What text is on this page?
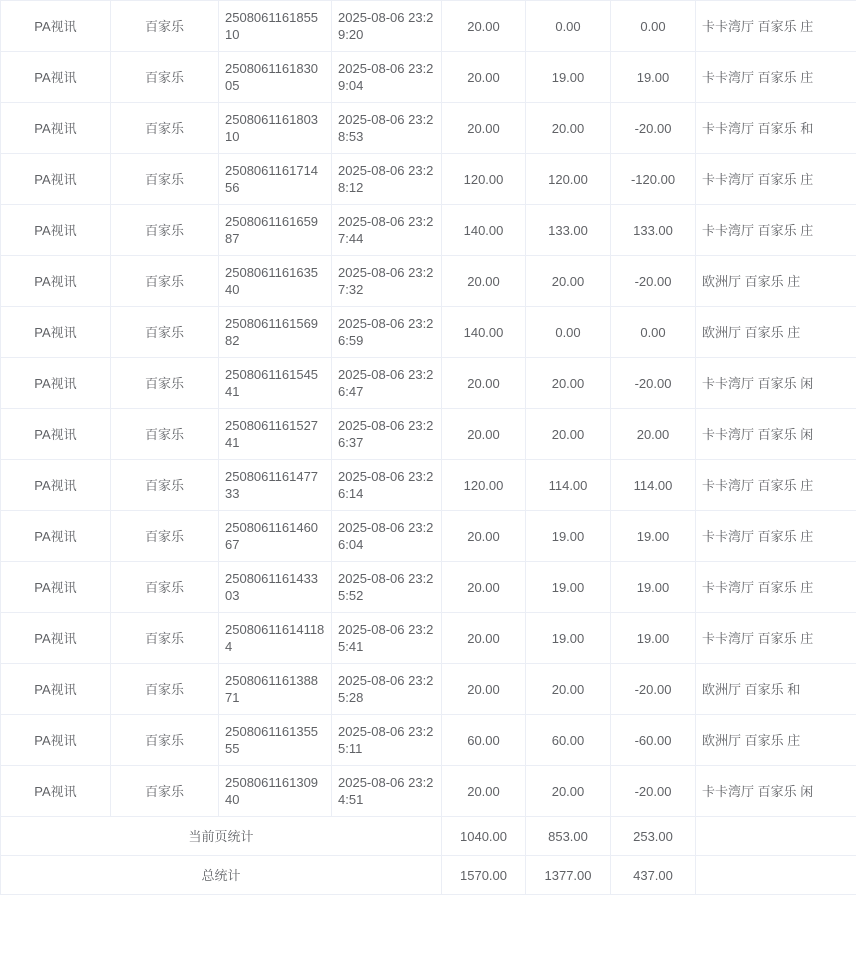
PA视讯	百家乐	250806116185510	2025-08-06 23:29:20	20.00	0.00	0.00	卡卡湾厅 百家乐 庄
PA视讯	百家乐	250806116183005	2025-08-06 23:29:04	20.00	19.00	19.00	卡卡湾厅 百家乐 庄
PA视讯	百家乐	250806116180310	2025-08-06 23:28:53	20.00	20.00	-20.00	卡卡湾厅 百家乐 和
PA视讯	百家乐	250806116171456	2025-08-06 23:28:12	120.00	120.00	-120.00	卡卡湾厅 百家乐 庄
PA视讯	百家乐	250806116165987	2025-08-06 23:27:44	140.00	133.00	133.00	卡卡湾厅 百家乐 庄
PA视讯	百家乐	250806116163540	2025-08-06 23:27:32	20.00	20.00	-20.00	欧洲厅 百家乐 庄
PA视讯	百家乐	250806116156982	2025-08-06 23:26:59	140.00	0.00	0.00	欧洲厅 百家乐 庄
PA视讯	百家乐	250806116154541	2025-08-06 23:26:47	20.00	20.00	-20.00	卡卡湾厅 百家乐 闲
PA视讯	百家乐	250806116152741	2025-08-06 23:26:37	20.00	20.00	20.00	卡卡湾厅 百家乐 闲
PA视讯	百家乐	250806116147733	2025-08-06 23:26:14	120.00	114.00	114.00	卡卡湾厅 百家乐 庄
PA视讯	百家乐	250806116146067	2025-08-06 23:26:04	20.00	19.00	19.00	卡卡湾厅 百家乐 庄
PA视讯	百家乐	250806116143303	2025-08-06 23:25:52	20.00	19.00	19.00	卡卡湾厅 百家乐 庄
PA视讯	百家乐	250806116141184	2025-08-06 23:25:41	20.00	19.00	19.00	卡卡湾厅 百家乐 庄
PA视讯	百家乐	250806116138871	2025-08-06 23:25:28	20.00	20.00	-20.00	欧洲厅 百家乐 和
PA视讯	百家乐	250806116135555	2025-08-06 23:25:11	60.00	60.00	-60.00	欧洲厅 百家乐 庄
PA视讯	百家乐	250806116130940	2025-08-06 23:24:51	20.00	20.00	-20.00	卡卡湾厅 百家乐 闲
当前页统计				1040.00	853.00	253.00	
总统计				1570.00	1377.00	437.00	
